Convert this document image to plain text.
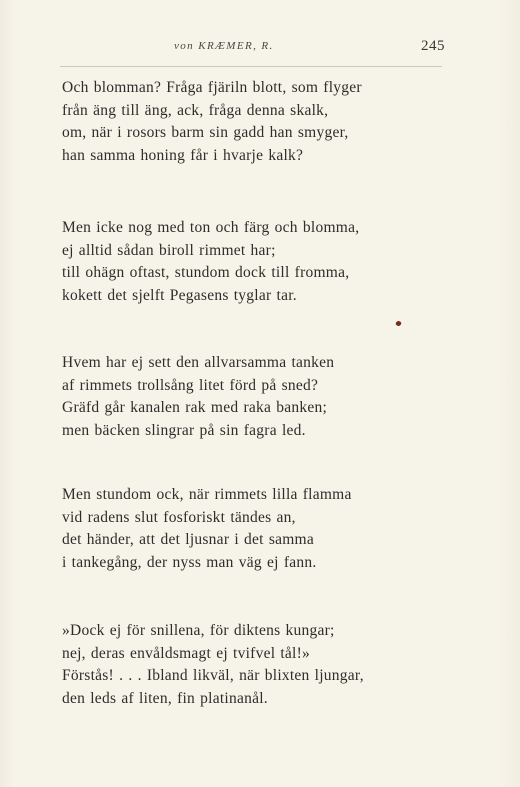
von KRÆMER, R.	245
Och blomman? Fråga fjäriln blott, som flyger
från äng till äng, ack, fråga denna skalk,
om, när i rosors barm sin gadd han smyger,
han samma honing får i hvarje kalk?
Men icke nog med ton och färg och blomma,
ej alltid sådan biroll rimmet har;
till ohägn oftast, stundom dock till fromma,
kokett det sjelft Pegasens tyglar tar.
Hvem har ej sett den allvarsamma tanken
af rimmets trollsång litet förd på sned?
Gräfd går kanalen rak med raka banken;
men bäcken slingrar på sin fagra led.
Men stundom ock, när rimmets lilla flamma
vid radens slut fosforiskt tändes an,
det händer, att det ljusnar i det samma
i tankegång, der nyss man väg ej fann.
»Dock ej för snillena, för diktens kungar;
nej, deras envåldsmagt ej tvifvel tål!»
Förstås! . . . Ibland likväl, när blixten ljungar,
den leds af liten, fin platinanål.
